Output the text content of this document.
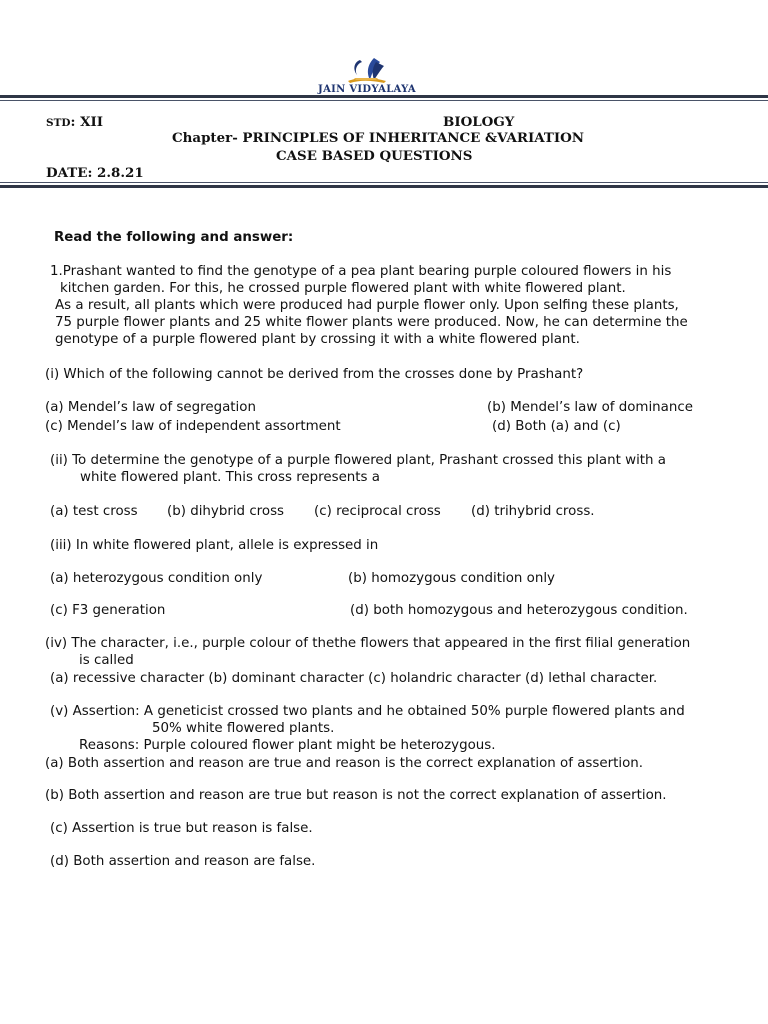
JAIN VIDYALAYA
STD: XII	BIOLOGY
Chapter- PRINCIPLES OF INHERITANCE &VARIATION
CASE BASED QUESTIONS
DATE: 2.8.21
Read the following and answer:
1.Prashant wanted to find the genotype of a pea plant bearing purple coloured flowers in his
kitchen garden. For this, he crossed purple flowered plant with white flowered plant.
As a result, all plants which were produced had purple flower only. Upon selfing these plants,
75 purple flower plants and 25 white flower plants were produced. Now, he can determine the
genotype of a purple flowered plant by crossing it with a white flowered plant.
(i) Which of the following cannot be derived from the crosses done by Prashant?
(a) Mendel’s law of segregation	(b) Mendel’s law of dominance
(c) Mendel’s law of independent assortment	(d) Both (a) and (c)
(ii) To determine the genotype of a purple flowered plant, Prashant crossed this plant with a
white flowered plant. This cross represents a
(a) test cross (b) dihybrid cross (c) reciprocal cross (d) trihybrid cross.
(iii) In white flowered plant, allele is expressed in
(a) heterozygous condition only	(b) homozygous condition only
(c) F3 generation	(d) both homozygous and heterozygous condition.
(iv) The character, i.e., purple colour of thethe flowers that appeared in the first filial generation
is called
(a) recessive character (b) dominant character (c) holandric character (d) lethal character.
(v) Assertion: A geneticist crossed two plants and he obtained 50% purple flowered plants and
50% white flowered plants.
Reasons: Purple coloured flower plant might be heterozygous.
(a) Both assertion and reason are true and reason is the correct explanation of assertion.
(b) Both assertion and reason are true but reason is not the correct explanation of assertion.
(c) Assertion is true but reason is false.
(d) Both assertion and reason are false.
